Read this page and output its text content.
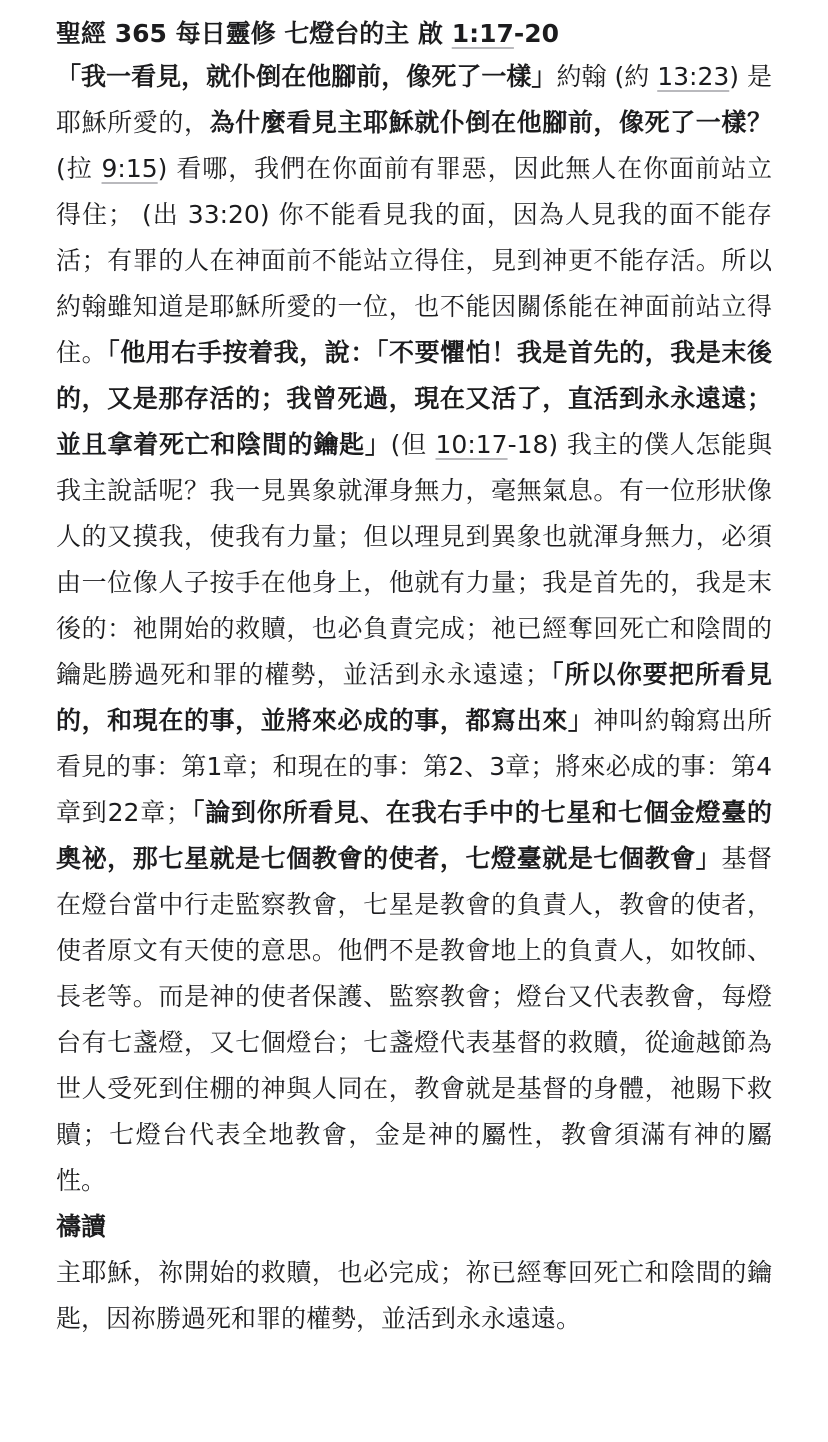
聖經 365 每日靈修 七燈台的主 啟 1:17-20

「我一看見，就仆倒在他腳前，像死了一樣」約翰 (約 13:23) 是耶穌所愛的，為什麼看見主耶穌就仆倒在他腳前，像死了一樣？ (拉 9:15) 看哪，我們在你面前有罪惡，因此無人在你面前站立得住； (出 33:20) 你不能看見我的面，因為人見我的面不能存活；有罪的人在神面前不能站立得住，見到神更不能存活。所以約翰雖知道是耶穌所愛的一位，也不能因關係能在神面前站立得住。「他用右手按着我，說：「不要懼怕！我是首先的，我是末後的，又是那存活的；我曾死過，現在又活了，直活到永永遠遠；並且拿着死亡和陰間的鑰匙」(但 10:17-18) 我主的僕人怎能與我主說話呢？我一見異象就渾身無力，毫無氣息。有一位形狀像人的又摸我，使我有力量；但以理見到異象也就渾身無力，必須由一位像人子按手在他身上，他就有力量；我是首先的，我是末後的：祂開始的救贖，也必負責完成；祂已經奪回死亡和陰間的鑰匙勝過死和罪的權勢，並活到永永遠遠；「所以你要把所看見的，和現在的事，並將來必成的事，都寫出來」神叫約翰寫出所看見的事：第1章；和現在的事：第2、3章；將來必成的事：第4章到22章；「論到你所看見、在我右手中的七星和七個金燈臺的奧祕，那七星就是七個教會的使者，七燈臺就是七個教會」基督在燈台當中行走監察教會，七星是教會的負責人，教會的使者，使者原文有天使的意思。他們不是教會地上的負責人，如牧師、長老等。而是神的使者保護、監察教會；燈台又代表教會，每燈台有七盞燈，又七個燈台；七盞燈代表基督的救贖，從逾越節為世人受死到住棚的神與人同在，教會就是基督的身體，祂賜下救贖；七燈台代表全地教會，金是神的屬性，教會須滿有神的屬性。

禱讀

主耶穌，祢開始的救贖，也必完成；祢已經奪回死亡和陰間的鑰匙，因祢勝過死和罪的權勢，並活到永永遠遠。
